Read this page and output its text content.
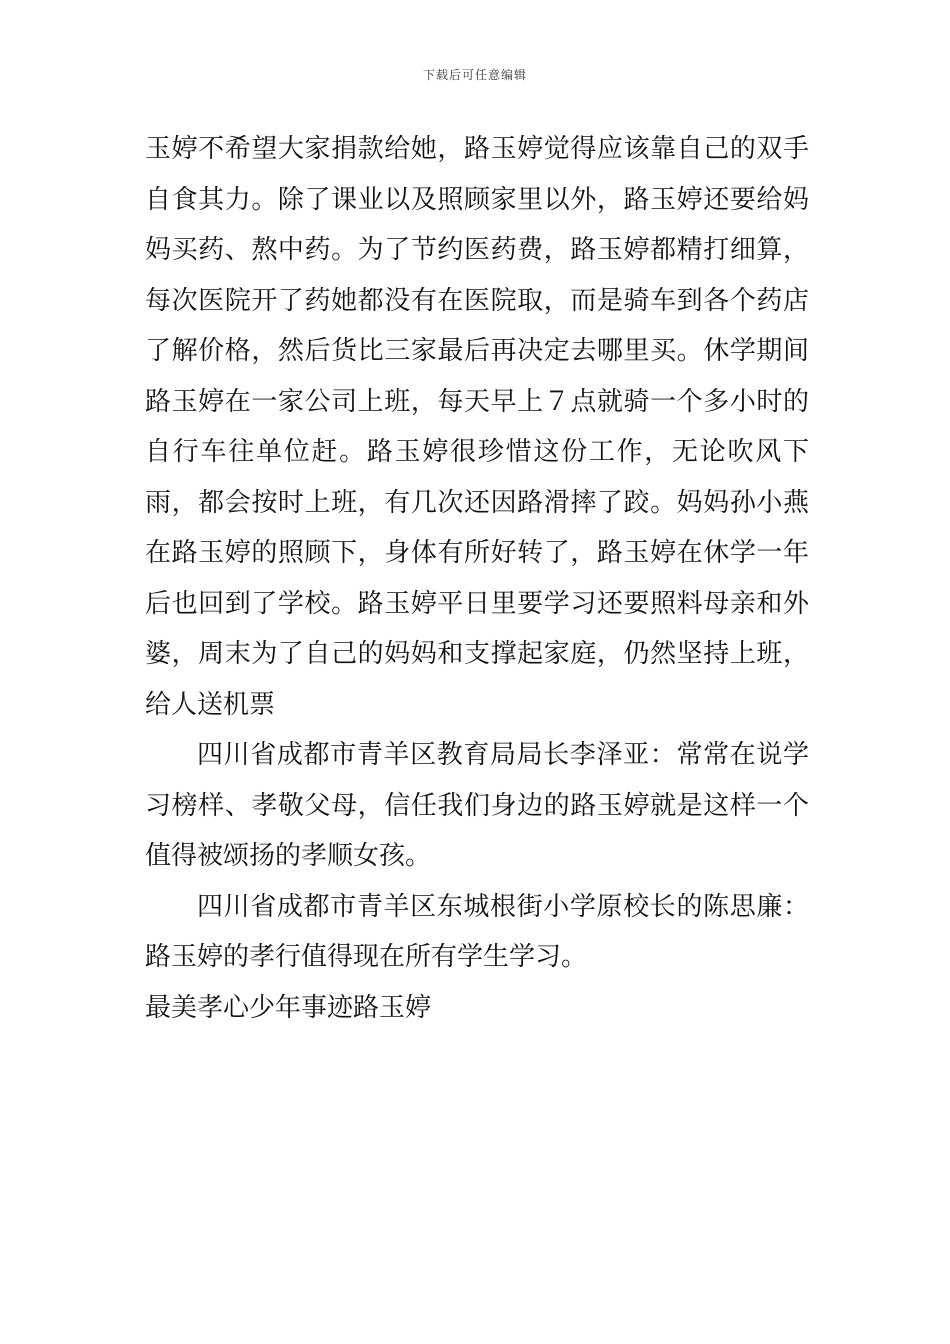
下载后可任意编辑

玉婷不希望大家捐款给她，路玉婷觉得应该靠自己的双手自食其力。除了课业以及照顾家里以外，路玉婷还要给妈妈买药、熬中药。为了节约医药费，路玉婷都精打细算，每次医院开了药她都没有在医院取，而是骑车到各个药店了解价格，然后货比三家最后再决定去哪里买。休学期间路玉婷在一家公司上班，每天早上７点就骑一个多小时的自行车往单位赶。路玉婷很珍惜这份工作，无论吹风下雨，都会按时上班，有几次还因路滑摔了跤。妈妈孙小燕在路玉婷的照顾下，身体有所好转了，路玉婷在休学一年后也回到了学校。路玉婷平日里要学习还要照料母亲和外婆，周末为了自己的妈妈和支撑起家庭，仍然坚持上班，给人送机票

四川省成都市青羊区教育局局长李泽亚：常常在说学习榜样、孝敬父母，信任我们身边的路玉婷就是这样一个值得被颂扬的孝顺女孩。

四川省成都市青羊区东城根街小学原校长的陈思廉：路玉婷的孝行值得现在所有学生学习。

最美孝心少年事迹路玉婷
